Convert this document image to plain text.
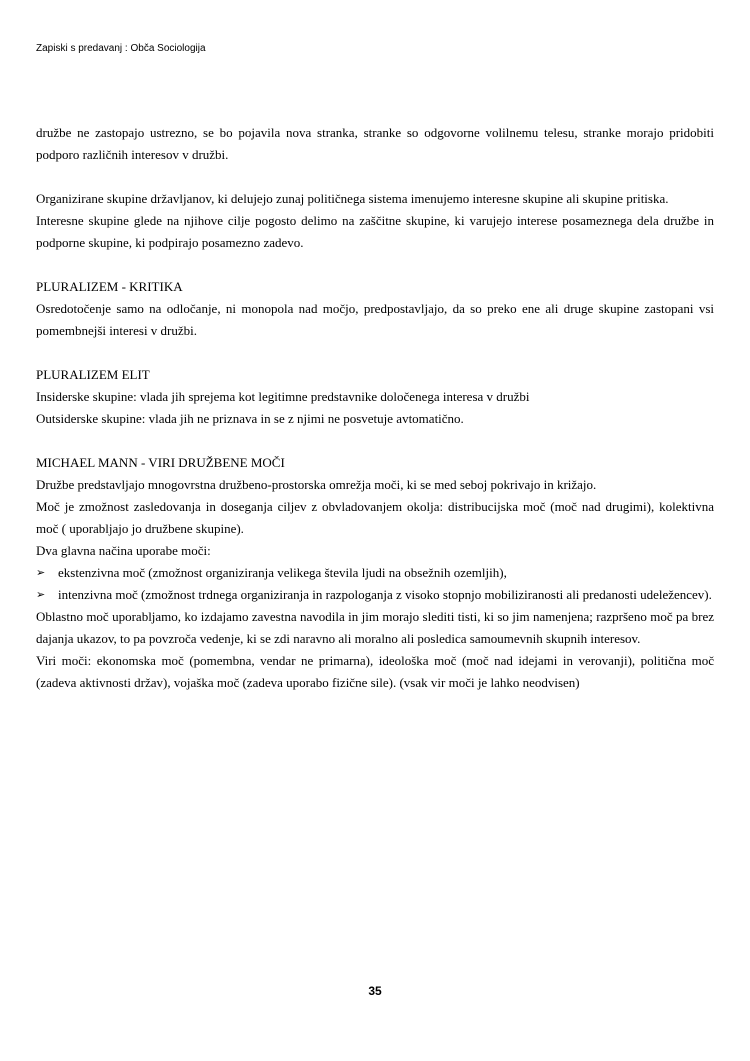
Zapiski s predavanj : Obča Sociologija

družbe ne zastopajo ustrezno, se bo pojavila nova stranka, stranke so odgovorne volilnemu telesu, stranke morajo pridobiti podporo različnih interesov v družbi.

Organizirane skupine državljanov, ki delujejo zunaj političnega sistema imenujemo interesne skupine ali skupine pritiska.

Interesne skupine glede na njihove cilje pogosto delimo na zaščitne skupine, ki varujejo interese posameznega dela družbe in podporne skupine, ki podpirajo posamezno zadevo.

PLURALIZEM - KRITIKA

Osredotočenje samo na odločanje, ni monopola nad močjo, predpostavljajo, da so preko ene ali druge skupine zastopani vsi pomembnejši interesi v družbi.

PLURALIZEM ELIT

Insiderske skupine: vlada jih sprejema kot legitimne predstavnike določenega interesa v družbi

Outsiderske skupine: vlada jih ne priznava in se z njimi ne posvetuje avtomatično.

MICHAEL MANN - VIRI DRUŽBENE MOČI

Družbe predstavljajo mnogovrstna družbeno-prostorska omrežja moči, ki se med seboj pokrivajo in križajo.

Moč je zmožnost zasledovanja in doseganja ciljev z obvladovanjem okolja: distribucijska moč (moč nad drugimi), kolektivna moč ( uporabljajo jo družbene skupine).

Dva glavna načina uporabe moči:

➢ ekstenzivna moč (zmožnost organiziranja velikega števila ljudi na obsežnih ozemljih),
➢ intenzivna moč (zmožnost trdnega organiziranja in razpologanja z visoko stopnjo mobiliziranosti ali predanosti udeležencev).

Oblastno moč uporabljamo, ko izdajamo zavestna navodila in jim morajo slediti tisti, ki so jim namenjena; razpršeno moč pa brez dajanja ukazov, to pa povzroča vedenje, ki se zdi naravno ali moralno ali posledica samoumevnih skupnih interesov.

Viri moči: ekonomska moč (pomembna, vendar ne primarna), ideološka moč (moč nad idejami in verovanji), politična moč (zadeva aktivnosti držav), vojaška moč (zadeva uporabo fizične sile). (vsak vir moči je lahko neodvisen)

35
